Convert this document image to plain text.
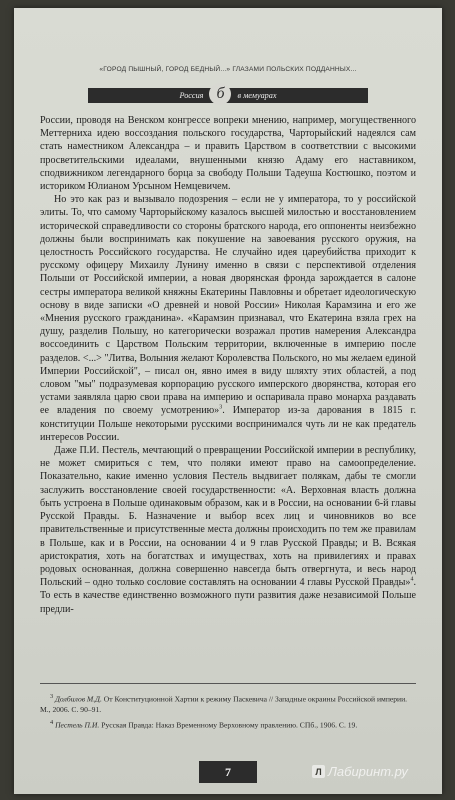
«ГОРОД ПЫШНЫЙ, ГОРОД БЕДНЫЙ...» ГЛАЗАМИ ПОЛЬСКИХ ПОДДАННЫХ...
Россия б	в мемуарах

России, проводя на Венском конгрессе вопреки мнению, например, могущественного Меттерниха идею воссоздания польского государства, Чарторыйский надеялся сам стать наместником Александра – и править Царством в соответствии с высокими просветительскими идеалами, внушенными князю Адаму его наставником, сподвижником легендарного борца за свободу Польши Тадеуша Костюшко, поэтом и историком Юлианом Урсыном Немцевичем.

Но это как раз и вызывало подозрения – если не у императора, то у российской элиты. То, что самому Чарторыйскому казалось высшей милостью и восстановлением исторической справедливости со стороны братского народа, его оппоненты неизбежно должны были воспринимать как покушение на завоевания русского оружия, на целостность Российского государства. Не случайно идея цареубийства приходит к русскому офицеру Михаилу Лунину именно в связи с перспективой отделения Польши от Российской империи, а новая дворянская фронда зарождается в салоне сестры императора великой княжны Екатерины Павловны и обретает идеологическую основу в виде записки «О древней и новой России» Николая Карамзина и его же «Мнения русского гражданина». «Карамзин признавал, что Екатерина взяла грех на душу, разделив Польшу, но категорически возражал против намерения Александра воссоединить с Царством Польским территории, включенные в империю после разделов. <...> "Литва, Волыния желают Королевства Польского, но мы желаем единой Империи Российской", – писал он, явно имея в виду шляхту этих областей, а под словом "мы" подразумевая корпорацию русского имперского дворянства, которая его устами заявляла царю свои права на империю и оспаривала право монарха раздавать ее владения по своему усмотрению»$^3$. Император из-за дарования в 1815 г. конституции Польше некоторыми русскими воспринимался чуть ли не как предатель интересов России.

Даже П.И. Пестель, мечтающий о превращении Российской империи в республику, не может смириться с тем, что поляки имеют право на самоопределение. Показательно, какие именно условия Пестель выдвигает полякам, дабы те смогли заслужить восстановление своей государственности: «А. Верховная власть должна быть устроена в Польше одинаковым образом, как и в России, на основании 6-й главы Русской Правды. Б. Назначение и выбор всех лиц и чиновников во все правительственные и присутственные места должны происходить по тем же правилам в Польше, как и в России, на основании 4 и 9 глав Русской Правды; и В. Всякая аристократия, хоть на богатствах и имуществах, хоть на привилегиях и правах родовых основанная, должна совершенно навсегда быть отвергнута, и весь народ Польский – одно только сословие составлять на основании 4 главы Русской Правды»$^4$. То есть в качестве единственно возможного пути развития даже независимой Польше предли-

$^3$ Долбилов М.Д. От Конституционной Хартии к режиму Паскевича // Западные окраины Российской империи. М., 2006. С. 90–91.

$^4$ Пестель П.И. Русская Правда: Наказ Временному Верховному правлению. СПб., 1906. С. 19.

7	Л Лабиринт.ру
